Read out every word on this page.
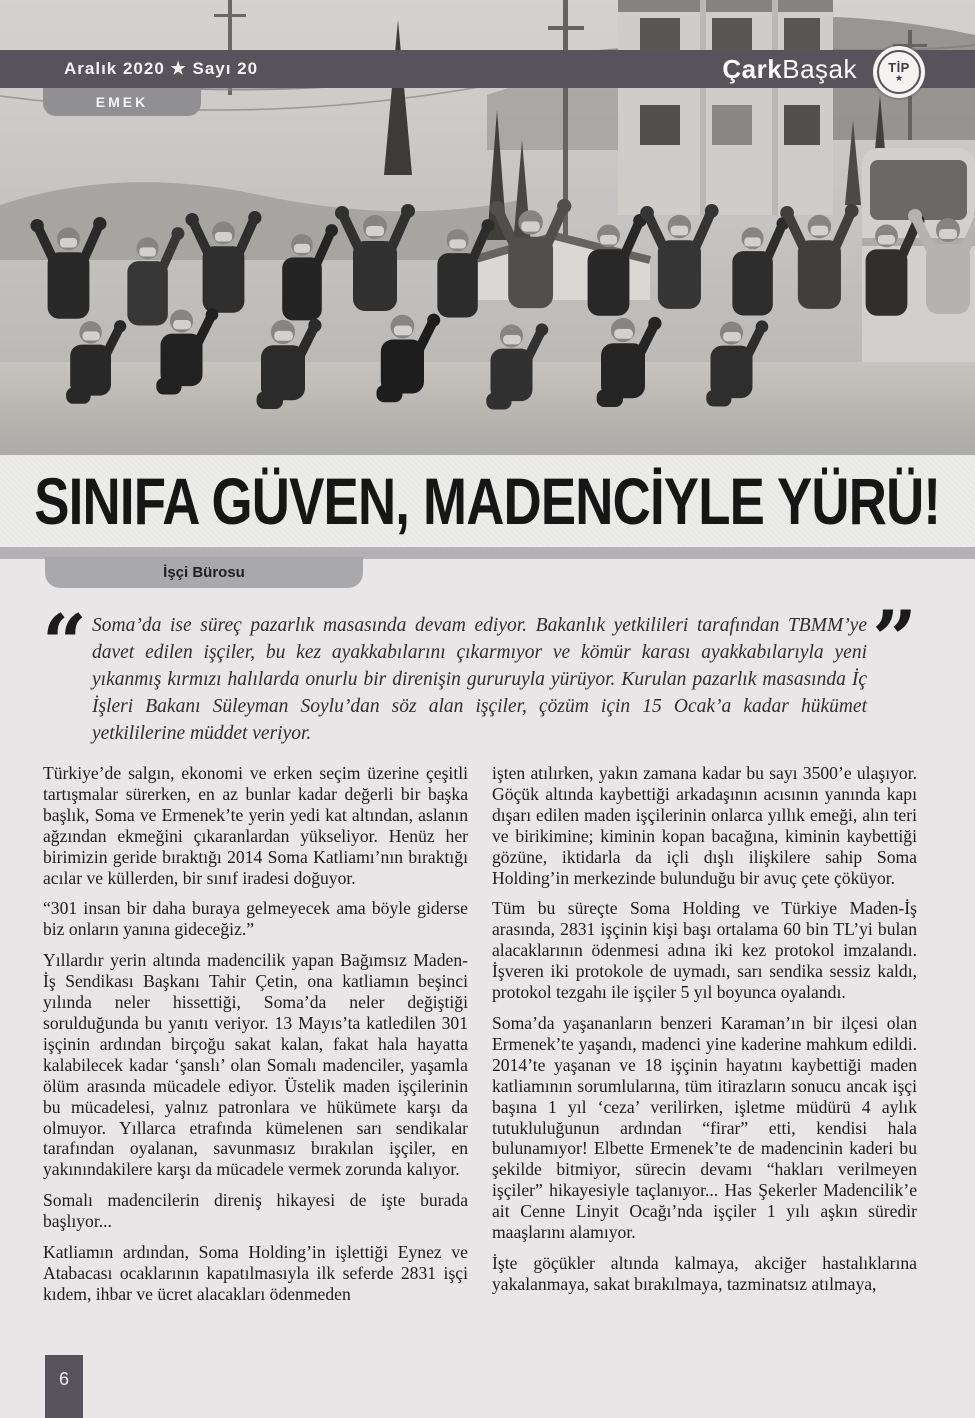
Aralık 2020 ★ Sayı 20	Çark Başak TİP
★
EMEK
SINIFA GÜVEN, MADENCİYLE YÜRÜ!
İşçi Bürosu
“	”

Soma’da ise süreç pazarlık masasında devam ediyor. Bakanlık yetkilileri tarafından TBMM’ye davet edilen işçiler, bu kez ayakkabılarını çıkarmıyor ve kömür karası ayakkabılarıyla yeni yıkanmış kırmızı halılarda onurlu bir direnişin gururuyla yürüyor. Kurulan pazarlık masasında İç İşleri Bakanı Süleyman Soylu’dan söz alan işçiler, çözüm için 15 Ocak’a kadar hükümet yetkililerine müddet veriyor.

Türkiye’de salgın, ekonomi ve erken seçim üzerine çeşitli tartışmalar sürerken, en az bunlar kadar değerli bir başka başlık, Soma ve Ermenek’te yerin yedi kat altından, aslanın ağzından ekmeğini çıkaranlardan yükseliyor. Henüz her birimizin geride bıraktığı 2014 Soma Katliamı’nın bıraktığı acılar ve küllerden, bir sınıf iradesi doğuyor.

“301 insan bir daha buraya gelmeyecek ama böyle giderse biz onların yanına gideceğiz.”

Yıllardır yerin altında madencilik yapan Bağımsız Maden-İş Sendikası Başkanı Tahir Çetin, ona katliamın beşinci yılında neler hissettiği, Soma’da neler değiştiği sorulduğunda bu yanıtı veriyor. 13 Mayıs’ta katledilen 301 işçinin ardından birçoğu sakat kalan, fakat hala hayatta kalabilecek kadar ‘şanslı’ olan Somalı madenciler, yaşamla ölüm arasında mücadele ediyor. Üstelik maden işçilerinin bu mücadelesi, yalnız patronlara ve hükümete karşı da olmuyor. Yıllarca etrafında kümelenen sarı sendikalar tarafından oyalanan, savunmasız bırakılan işçiler, en yakınındakilere karşı da mücadele vermek zorunda kalıyor.

Somalı madencilerin direniş hikayesi de işte burada başlıyor...

Katliamın ardından, Soma Holding’in işlettiği Eynez ve Atabacası ocaklarının kapatılmasıyla ilk seferde 2831 işçi kıdem, ihbar ve ücret alacakları ödenmeden

işten atılırken, yakın zamana kadar bu sayı 3500’e ulaşıyor. Göçük altında kaybettiği arkadaşının acısının yanında kapı dışarı edilen maden işçilerinin onlarca yıllık emeği, alın teri ve birikimine; kiminin kopan bacağına, kiminin kaybettiği gözüne, iktidarla da içli dışlı ilişkilere sahip Soma Holding’in merkezinde bulunduğu bir avuç çete çöküyor.

Tüm bu süreçte Soma Holding ve Türkiye Maden-İş arasında, 2831 işçinin kişi başı ortalama 60 bin TL’yi bulan alacaklarının ödenmesi adına iki kez protokol imzalandı. İşveren iki protokole de uymadı, sarı sendika sessiz kaldı, protokol tezgahı ile işçiler 5 yıl boyunca oyalandı.

Soma’da yaşananların benzeri Karaman’ın bir ilçesi olan Ermenek’te yaşandı, madenci yine kaderine mahkum edildi. 2014’te yaşanan ve 18 işçinin hayatını kaybettiği maden katliamının sorumlularına, tüm itirazların sonucu ancak işçi başına 1 yıl ‘ceza’ verilirken, işletme müdürü 4 aylık tutukluluğunun ardından “firar” etti, kendisi hala bulunamıyor! Elbette Ermenek’te de madencinin kaderi bu şekilde bitmiyor, sürecin devamı “hakları verilmeyen işçiler” hikayesiyle taçlanıyor... Has Şekerler Madencilik’e ait Cenne Linyit Ocağı’nda işçiler 1 yılı aşkın süredir maaşlarını alamıyor.

İşte göçükler altında kalmaya, akciğer hastalıklarına yakalanmaya, sakat bırakılmaya, tazminatsız atılmaya,

6
